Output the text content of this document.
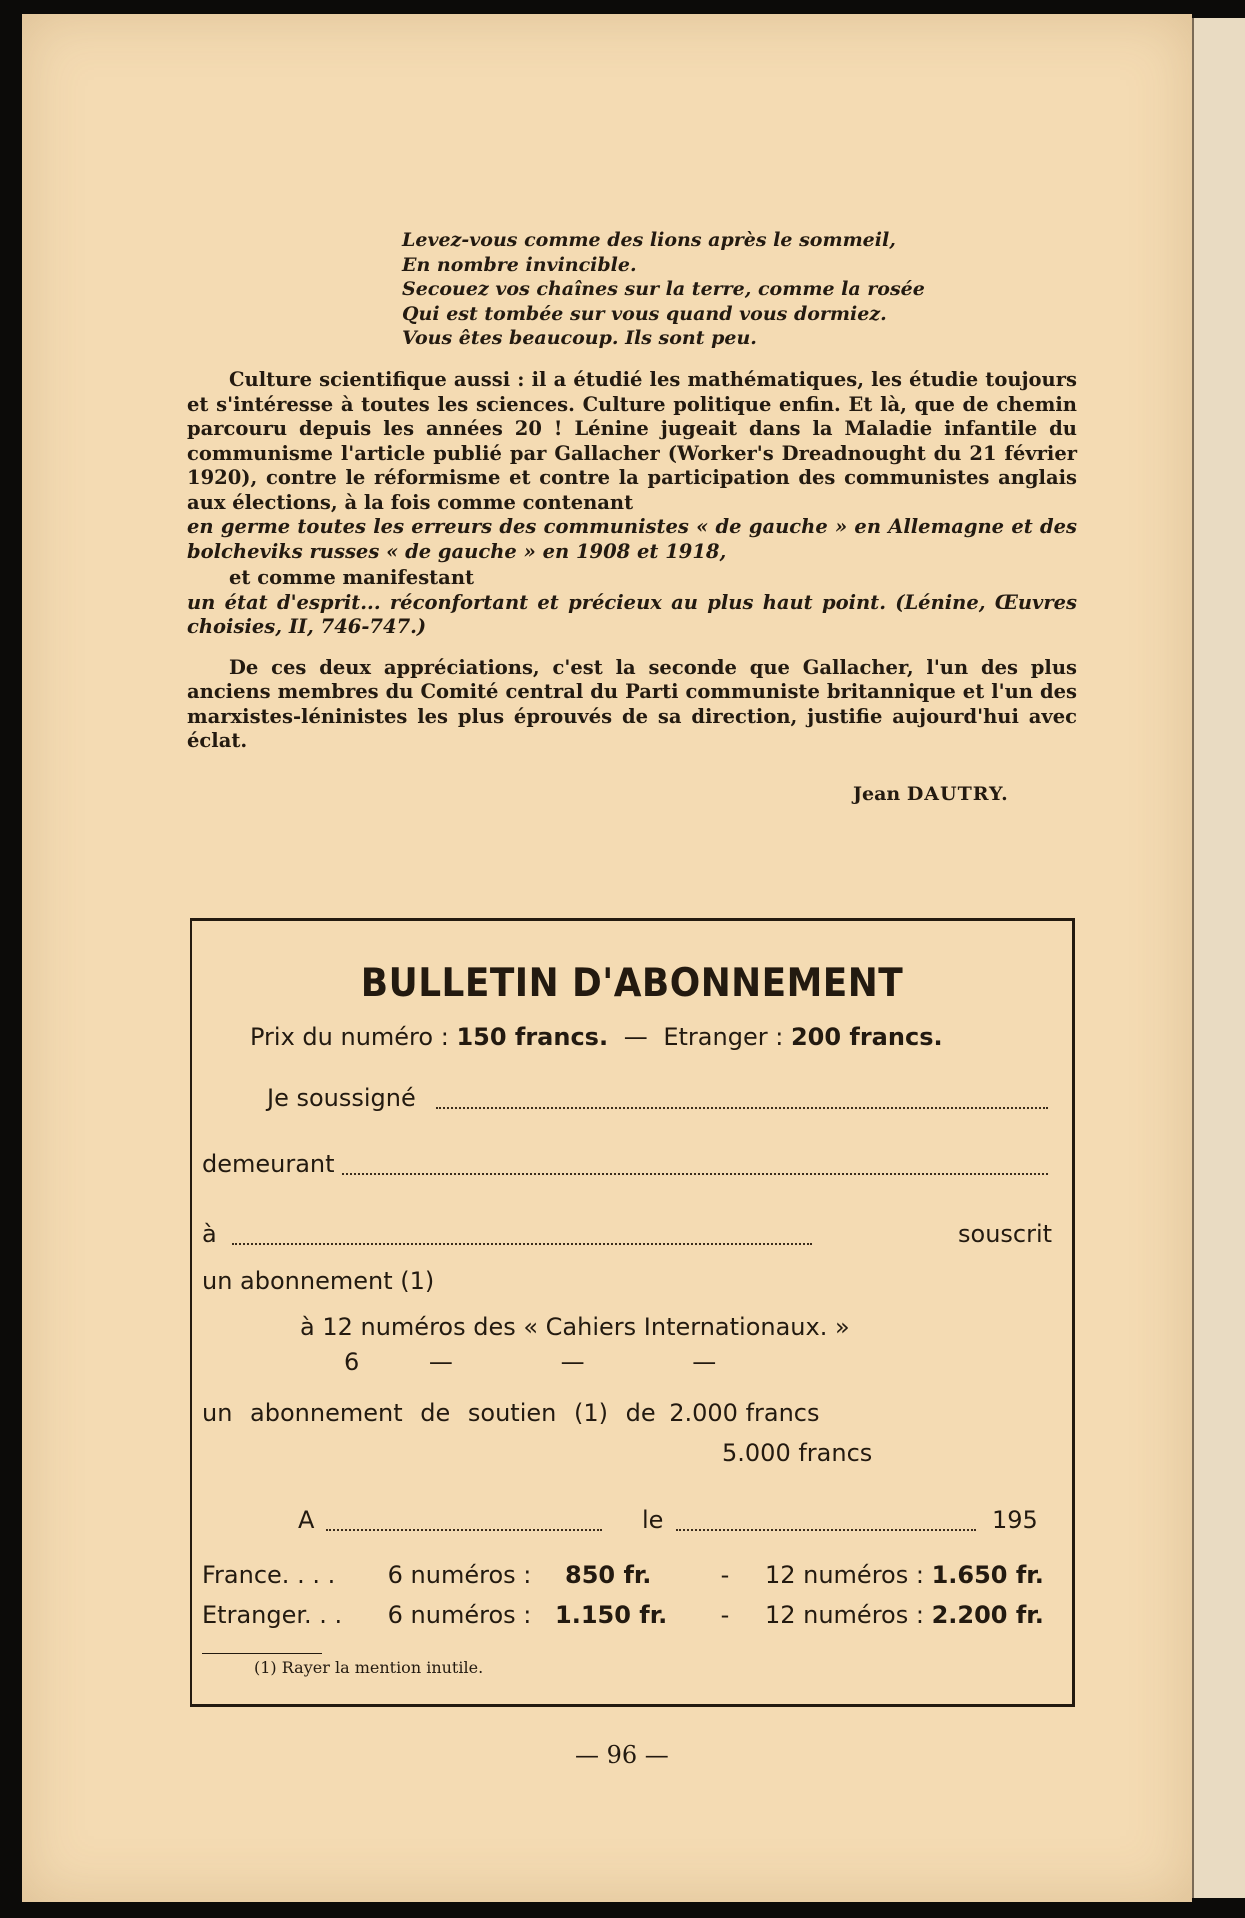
Levez-vous comme des lions après le sommeil,
En nombre invincible.
Secouez vos chaînes sur la terre, comme la rosée
Qui est tombée sur vous quand vous dormiez.
Vous êtes beaucoup. Ils sont peu.

Culture scientifique aussi : il a étudié les mathématiques, les étudie toujours et s'intéresse à toutes les sciences. Culture politique enfin. Et là, que de chemin parcouru depuis les années 20 ! Lénine jugeait dans la Maladie infantile du communisme l'article publié par Gallacher (Worker's Dreadnought du 21 février 1920), contre le réformisme et contre la participation des communistes anglais aux élections, à la fois comme contenant

en germe toutes les erreurs des communistes « de gauche » en Allemagne et des bolcheviks russes « de gauche » en 1908 et 1918,

et comme manifestant

un état d'esprit... réconfortant et précieux au plus haut point. (Lénine, Œuvres choisies, II, 746-747.)

De ces deux appréciations, c'est la seconde que Gallacher, l'un des plus anciens membres du Comité central du Parti communiste britannique et l'un des marxistes-léninistes les plus éprouvés de sa direction, justifie aujourd'hui avec éclat.

Jean DAUTRY.
BULLETIN D'ABONNEMENT
Prix du numéro : 150 francs. — Etranger : 200 francs.
Je soussigné
demeurant
à	souscrit
un abonnement (1)
à 12 numéros des « Cahiers Internationaux. »
6	—	—	—
un abonnement de soutien (1) de 2.000 francs
5.000 francs
A	le	195
France. . . . 6 numéros : 850 fr.	- 12 numéros : 1.650 fr.
Etranger. . . 6 numéros : 1.150 fr. - 12 numéros : 2.200 fr.
(1) Rayer la mention inutile.
— 96 —
